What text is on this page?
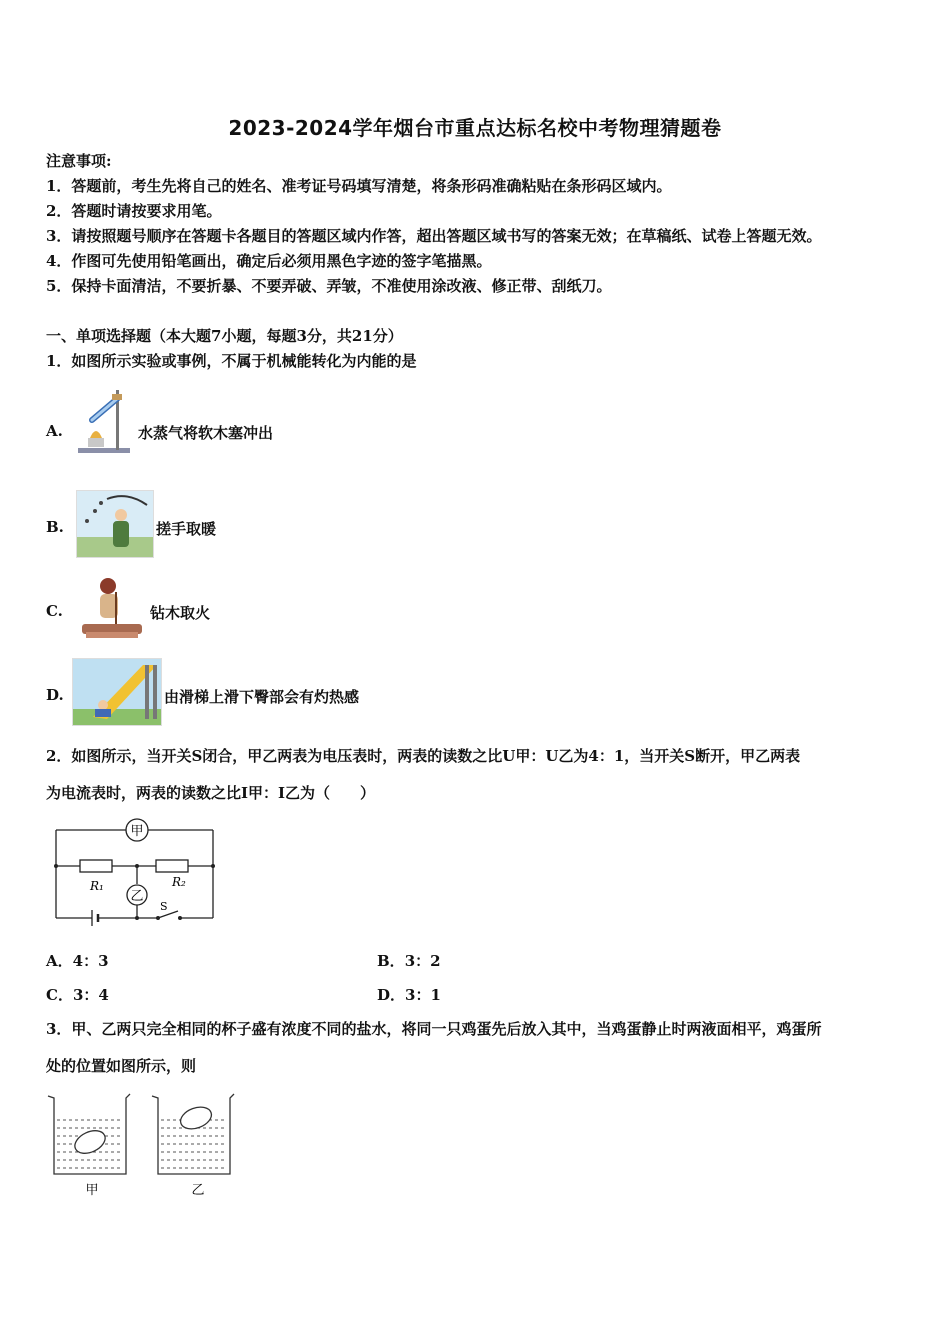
2023-2024学年烟台市重点达标名校中考物理猜题卷
注意事项:
1．答题前，考生先将自己的姓名、准考证号码填写清楚，将条形码准确粘贴在条形码区域内。
2．答题时请按要求用笔。
3．请按照题号顺序在答题卡各题目的答题区域内作答，超出答题区域书写的答案无效；在草稿纸、试卷上答题无效。
4．作图可先使用铅笔画出，确定后必须用黑色字迹的签字笔描黑。
5．保持卡面清洁，不要折暴、不要弄破、弄皱，不准使用涂改液、修正带、刮纸刀。
一、单项选择题（本大题7小题，每题3分，共21分）
1．如图所示实验或事例，不属于机械能转化为内能的是
A.	水蒸气将软木塞冲出
B.	搓手取暖
C.	钻木取火
D.	由滑梯上滑下臀部会有灼热感
2．如图所示，当开关S闭合，甲乙两表为电压表时，两表的读数之比U甲：U乙为4：1，当开关S断开，甲乙两表
为电流表时，两表的读数之比I甲：I乙为（　　）
甲
乙
R₁	R₂
S
A．4：3	B．3：2
C．3：4	D．3：1
3．甲、乙两只完全相同的杯子盛有浓度不同的盐水，将同一只鸡蛋先后放入其中，当鸡蛋静止时两液面相平，鸡蛋所
处的位置如图所示，则
甲	乙
